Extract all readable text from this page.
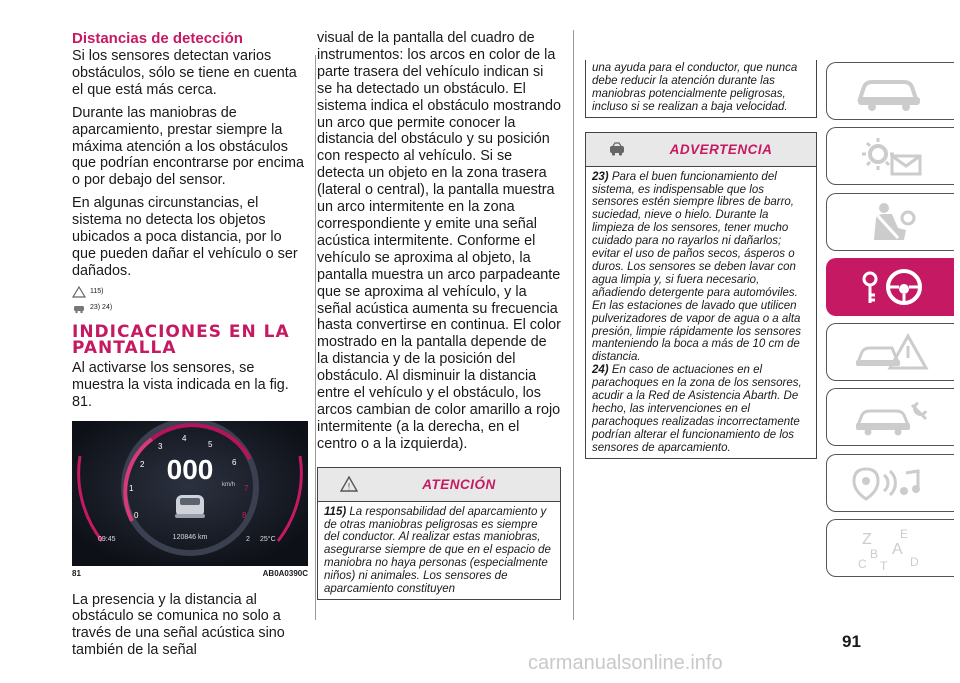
Distancias de detección

Si los sensores detectan varios obstáculos, sólo se tiene en cuenta el que está más cerca.

Durante las maniobras de aparcamiento, prestar siempre la máxima atención a los obstáculos que podrían encontrarse por encima o por debajo del sensor.

En algunas circunstancias, el sistema no detecta los objetos ubicados a poca distancia, por lo que pueden dañar el vehículo o ser dañados.

115)
23) 24)
INDICACIONES EN LA PANTALLA

Al activarse los sensores, se muestra la vista indicada en la fig. 81.

0
1
2
3
4
5
6
7
8
000 km/h
120846 km
09:45	2 25°C
81	AB0A0390C

La presencia y la distancia al obstáculo se comunica no solo a través de una señal acústica sino también de la señal

visual de la pantalla del cuadro de instrumentos: los arcos en color de la parte trasera del vehículo indican si se ha detectado un obstáculo. El sistema indica el obstáculo mostrando un arco que permite conocer la distancia del obstáculo y su posición con respecto al vehículo. Si se detecta un objeto en la zona trasera (lateral o central), la pantalla muestra un arco intermitente en la zona correspondiente y emite una señal acústica intermitente. Conforme el vehículo se aproxima al objeto, la pantalla muestra un arco parpadeante que se aproxima al vehículo, y la señal acústica aumenta su frecuencia hasta convertirse en continua. El color mostrado en la pantalla depende de la distancia y de la posición del obstáculo. Al disminuir la distancia entre el vehículo y el obstáculo, los arcos cambian de color amarillo a rojo intermitente (a la derecha, en el centro o a la izquierda).

!	ATENCIÓN
115) La responsabilidad del aparcamiento y de otras maniobras peligrosas es siempre del conductor. Al realizar estas maniobras, asegurarse siempre de que en el espacio de maniobra no haya personas (especialmente niños) ni animales. Los sensores de aparcamiento constituyen
una ayuda para el conductor, que nunca debe reducir la atención durante las maniobras potencialmente peligrosas, incluso si se realizan a baja velocidad.
ADVERTENCIA
23) Para el buen funcionamiento del sistema, es indispensable que los sensores estén siempre libres de barro, suciedad, nieve o hielo. Durante la limpieza de los sensores, tener mucho cuidado para no rayarlos ni dañarlos; evitar el uso de paños secos, ásperos o duros. Los sensores se deben lavar con agua limpia y, si fuera necesario, añadiendo detergente para automóviles. En las estaciones de lavado que utilicen pulverizadores de vapor de agua o a alta presión, limpie rápidamente los sensores manteniendo la boca a más de 10 cm de distancia.
24) En caso de actuaciones en el parachoques en la zona de los sensores, acudir a la Red de Asistencia Abarth. De hecho, las intervenciones en el parachoques realizadas incorrectamente podrían alterar el funcionamiento de los sensores de aparcamiento.
Z E
B A
C	D
T
91
carmanualsonline.info
